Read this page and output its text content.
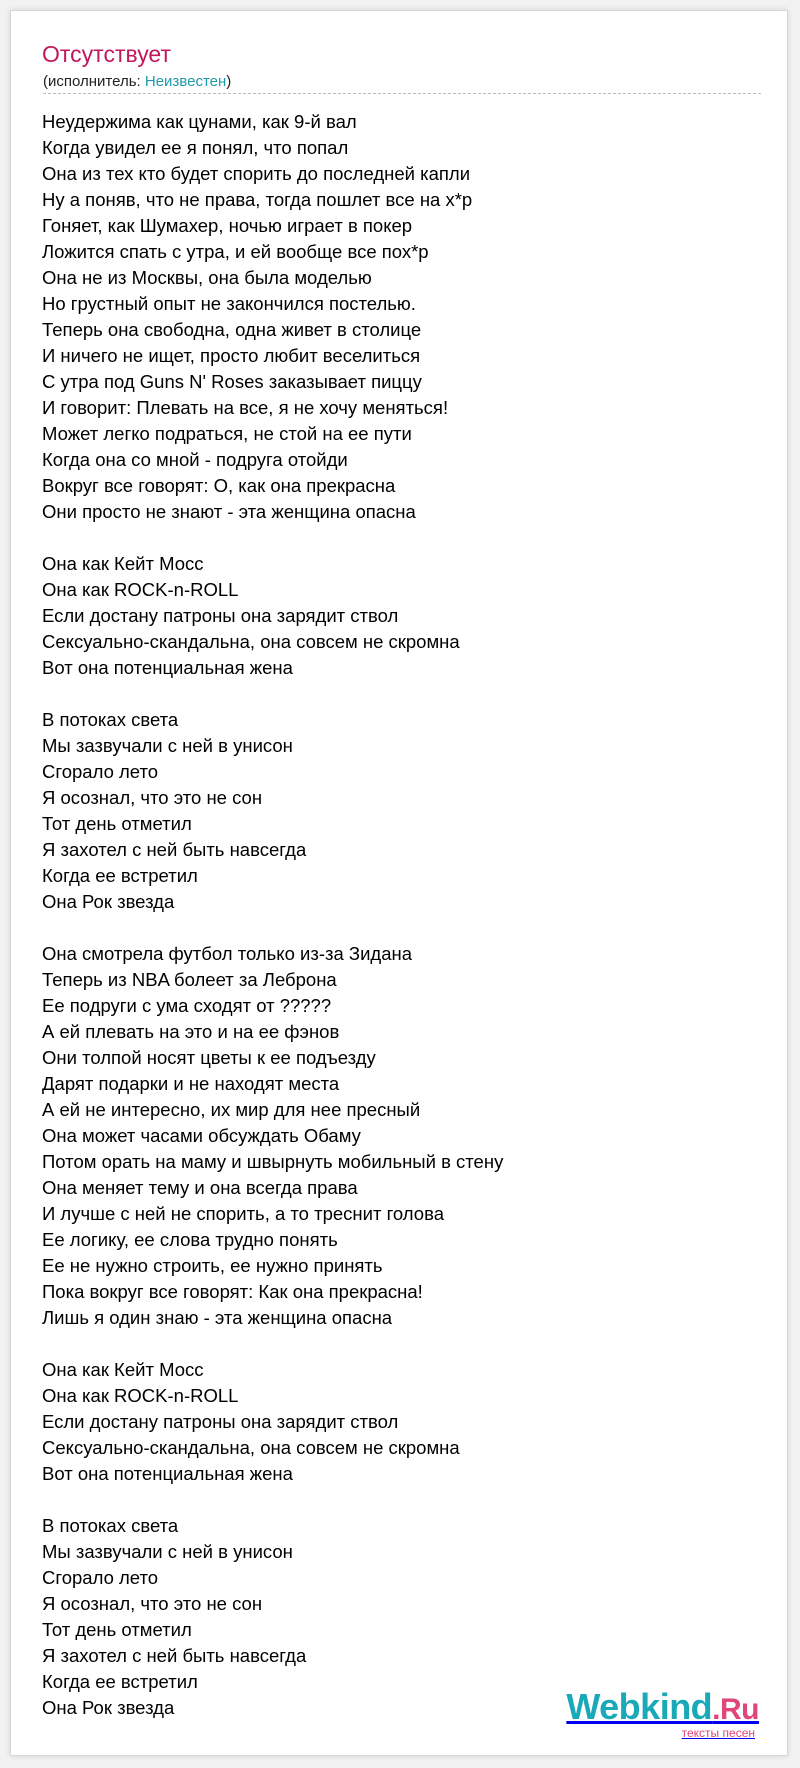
Отсутствует
(исполнитель: Неизвестен)
Неудержима как цунами, как 9-й вал
Когда увидел ее я понял, что попал
Она из тех кто будет спорить до последней капли
Ну а поняв, что не права, тогда пошлет все на х*р
Гоняет, как Шумахер, ночью играет в покер
Ложится спать с утра, и ей вообще все пох*р
Она не из Москвы, она была моделью
Но грустный опыт не закончился постелью.
Теперь она свободна, одна живет в столице
И ничего не ищет, просто любит веселиться
С утра под Guns N' Roses заказывает пиццу
И говорит: Плевать на все, я не хочу меняться!
Может легко подраться, не стой на ее пути
Когда она со мной - подруга отойди
Вокруг все говорят: О, как она прекрасна
Они просто не знают - эта женщина опасна
Она как Кейт Мосс
Она как ROCK-n-ROLL
Если достану патроны она зарядит ствол
Сексуально-скандальна, она совсем не скромна
Вот она потенциальная жена
В потоках света
Мы зазвучали с ней в унисон
Сгорало лето
Я осознал, что это не сон
Тот день отметил
Я захотел с ней быть навсегда
Когда ее встретил
Она Рок звезда
Она смотрела футбол только из-за Зидана
Теперь из NBA болеет за Леброна
Ее подруги с ума сходят от ?????
А ей плевать на это и на ее фэнов
Они толпой носят цветы к ее подъезду
Дарят подарки и не находят места
А ей не интересно, их мир для нее пресный
Она может часами обсуждать Обаму
Потом орать на маму и швырнуть мобильный в стену
Она меняет тему и она всегда права
И лучше с ней не спорить, а то треснит голова
Ее логику, ее слова трудно понять
Ее не нужно строить, ее нужно принять
Пока вокруг все говорят: Как она прекрасна!
Лишь я один знаю - эта женщина опасна
Она как Кейт Мосс
Она как ROCK-n-ROLL
Если достану патроны она зарядит ствол
Сексуально-скандальна, она совсем не скромна
Вот она потенциальная жена
В потоках света
Мы зазвучали с ней в унисон
Сгорало лето
Я осознал, что это не сон
Тот день отметил
Я захотел с ней быть навсегда
Когда ее встретил
Она Рок звезда	Webkind.Ru
тексты песен
